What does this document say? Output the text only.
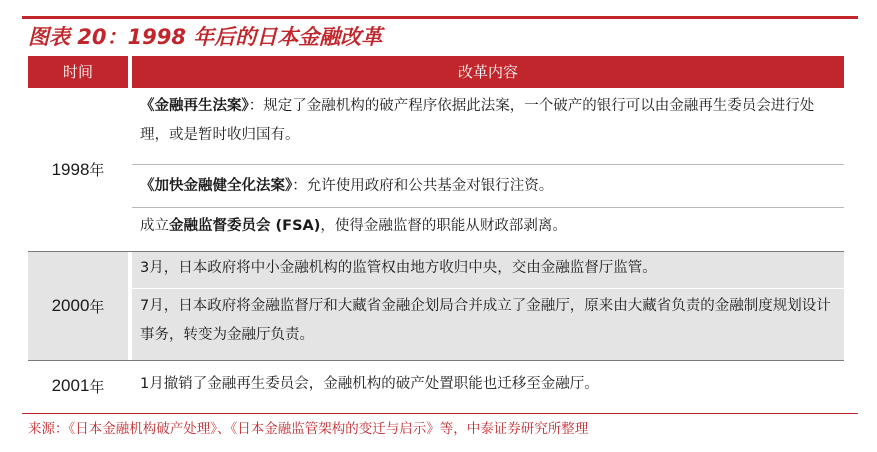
图表 20：1998 年后的日本金融改革
时间	改革内容
1998 年
《金融再生法案》：规定了金融机构的破产程序依据此法案，一个破产的银行可以由金融再生委员会进行处理，或是暂时收归国有。
《加快金融健全化法案》：允许使用政府和公共基金对银行注资。
成立金融监督委员会 (FSA)，使得金融监督的职能从财政部剥离。
2000 年
3月，日本政府将中小金融机构的监管权由地方收归中央，交由金融监督厅监管。
7月，日本政府将金融监督厅和大藏省金融企划局合并成立了金融厅，原来由大藏省负责的金融制度规划设计事务，转变为金融厅负责。
2001 年	1月撤销了金融再生委员会，金融机构的破产处置职能也迁移至金融厅。
来源：《日本金融机构破产处理》、《日本金融监管架构的变迁与启示》等，中泰证券研究所整理
